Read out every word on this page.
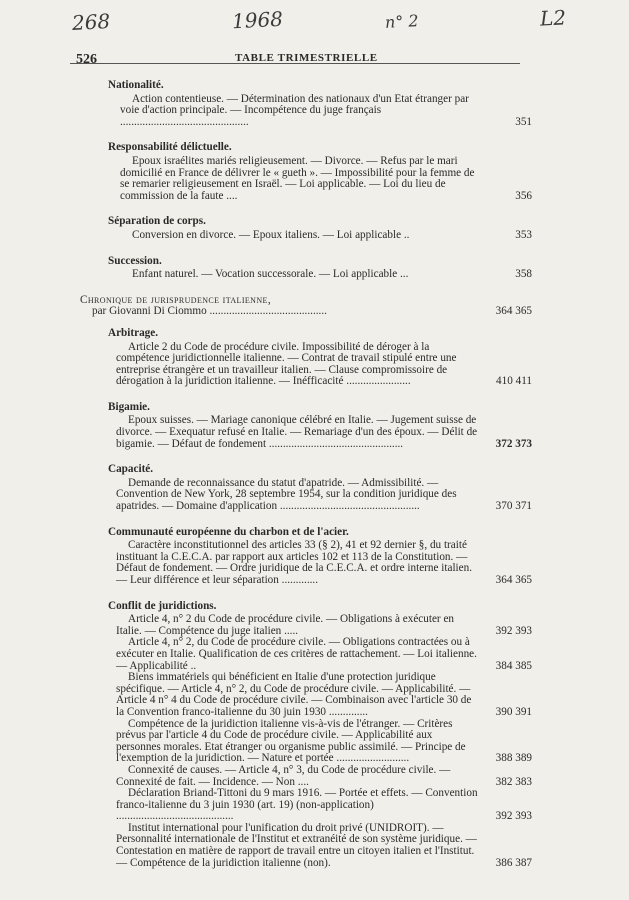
268	1968	n° 2	L2
526	TABLE TRIMESTRIELLE
Nationalité.
Action contentieuse. — Détermination des nationaux d'un Etat étranger par voie d'action principale. — Incompétence du juge français ..............................................	351
Responsabilité délictuelle.
Epoux israélites mariés religieusement. — Divorce. — Refus par le mari domicilié en France de délivrer le « gueth ». — Impossibilité pour la femme de se remarier religieusement en Israël. — Loi applicable. — Loi du lieu de commission de la faute ....	356
Séparation de corps.
Conversion en divorce. — Epoux italiens. — Loi applicable ..	353
Succession.
Enfant naturel. — Vocation successorale. — Loi applicable ...	358
Chronique de jurisprudence italienne,
par Giovanni Di Ciommo ..........................................	364 365
Arbitrage.
Article 2 du Code de procédure civile. Impossibilité de déroger à la compétence juridictionnelle italienne. — Contrat de travail stipulé entre une entreprise étrangère et un travailleur italien. — Clause compromissoire de dérogation à la juridiction italienne. — Inéfficacité .......................	410 411
Bigamie.
Epoux suisses. — Mariage canonique célébré en Italie. — Jugement suisse de divorce. — Exequatur refusé en Italie. — Remariage d'un des époux. — Délit de bigamie. — Défaut de fondement ................................................	372 373
Capacité.
Demande de reconnaissance du statut d'apatride. — Admissibilité. — Convention de New York, 28 septembre 1954, sur la condition juridique des apatrides. — Domaine d'application ..................................................	370 371
Communauté européenne du charbon et de l'acier.
Caractère inconstitutionnel des articles 33 (§ 2), 41 et 92 dernier §, du traité instituant la C.E.C.A. par rapport aux articles 102 et 113 de la Constitution. — Défaut de fondement. — Ordre juridique de la C.E.C.A. et ordre interne italien. — Leur différence et leur séparation .............	364 365
Conflit de juridictions.
Article 4, n° 2 du Code de procédure civile. — Obligations à exécuter en Italie. — Compétence du juge italien .....	392 393
Article 4, n° 2, du Code de procédure civile. — Obligations contractées ou à exécuter en Italie. Qualification de ces critères de rattachement. — Loi italienne. — Applicabilité ..	384 385
Biens immatériels qui bénéficient en Italie d'une protection juridique spécifique. — Article 4, n° 2, du Code de procédure civile. — Applicabilité. — Article 4 n° 4 du Code de procédure civile. — Combinaison avec l'article 30 de la Convention franco-italienne du 30 juin 1930 ..............	390 391
Compétence de la juridiction italienne vis-à-vis de l'étranger. — Critères prévus par l'article 4 du Code de procédure civile. — Applicabilité aux personnes morales. Etat étranger ou organisme public assimilé. — Principe de l'exemption de la juridiction. — Nature et portée ..........................	388 389
Connexité de causes. — Article 4, n° 3, du Code de procédure civile. — Connexité de fait. — Incidence. — Non ....	382 383
Déclaration Briand-Tittoni du 9 mars 1916. — Portée et effets. — Convention franco-italienne du 3 juin 1930 (art. 19) (non-application) ..........................................	392 393
Institut international pour l'unification du droit privé (UNIDROIT). — Personnalité internationale de l'Institut et extranéité de son système juridique. — Contestation en matière de rapport de travail entre un citoyen italien et l'Institut. — Compétence de la juridiction italienne (non).	386 387
